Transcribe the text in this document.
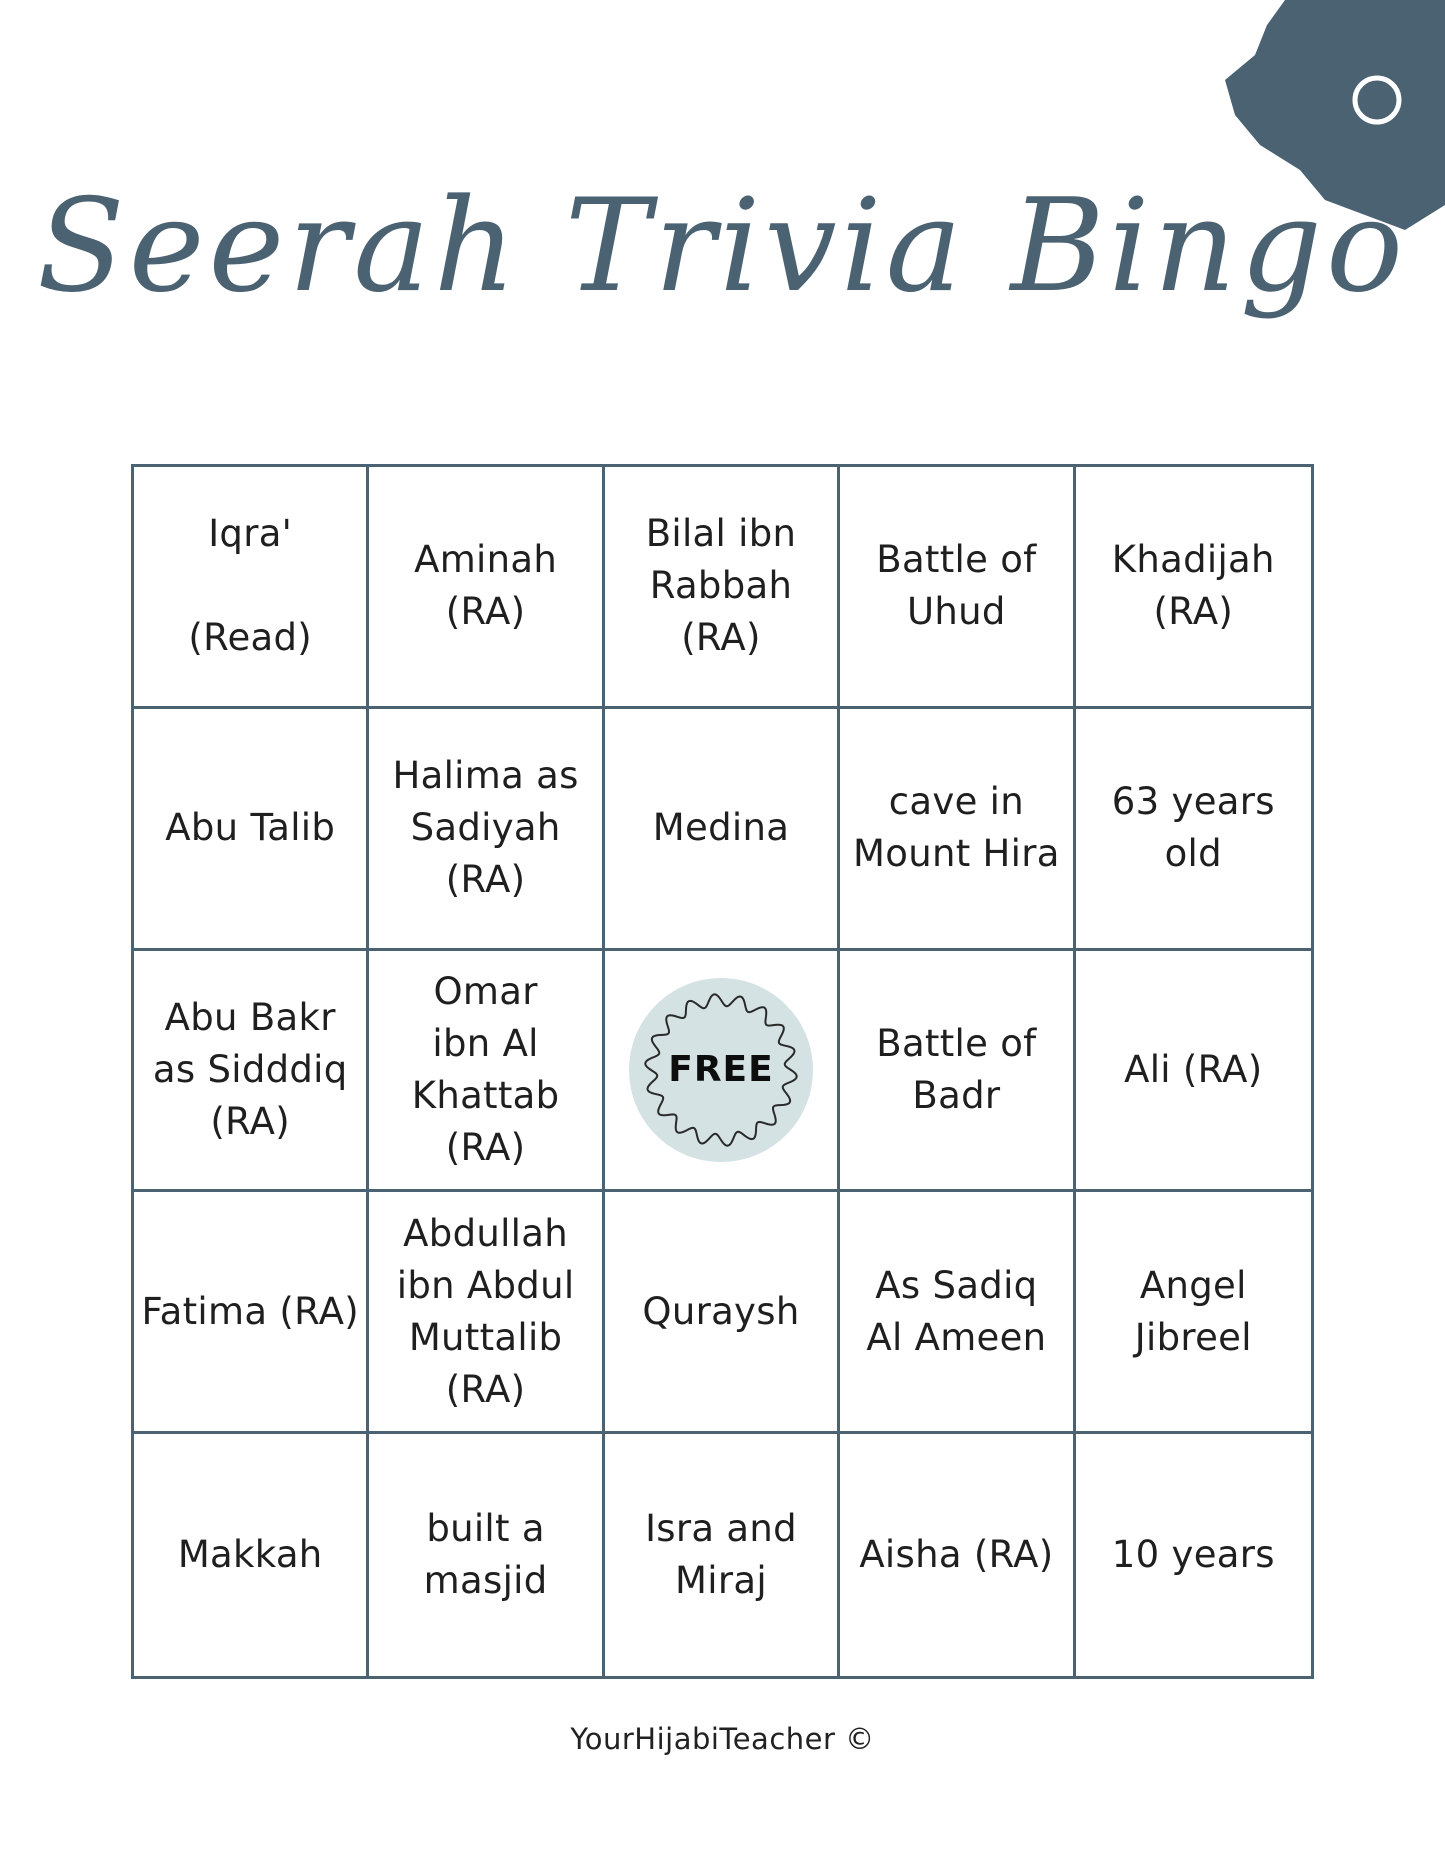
Seerah Trivia Bingo
Iqra'

(Read)
Aminah
(RA)
Bilal ibn
Rabbah (RA)
Battle of
Uhud
Khadijah
(RA)
Abu Talib
Halima as
Sadiyah
(RA)
Medina
cave in
Mount Hira
63 years
old
Abu Bakr
as Sidddiq
(RA)
Omar
ibn Al
Khattab
(RA)
FREE
Battle of
Badr
Ali (RA)
Fatima (RA)
Abdullah
ibn Abdul
Muttalib
(RA)
Quraysh
As Sadiq
Al Ameen
Angel
Jibreel
Makkah
built a
masjid
Isra and
Miraj
Aisha (RA)	10 years
YourHijabiTeacher ©
